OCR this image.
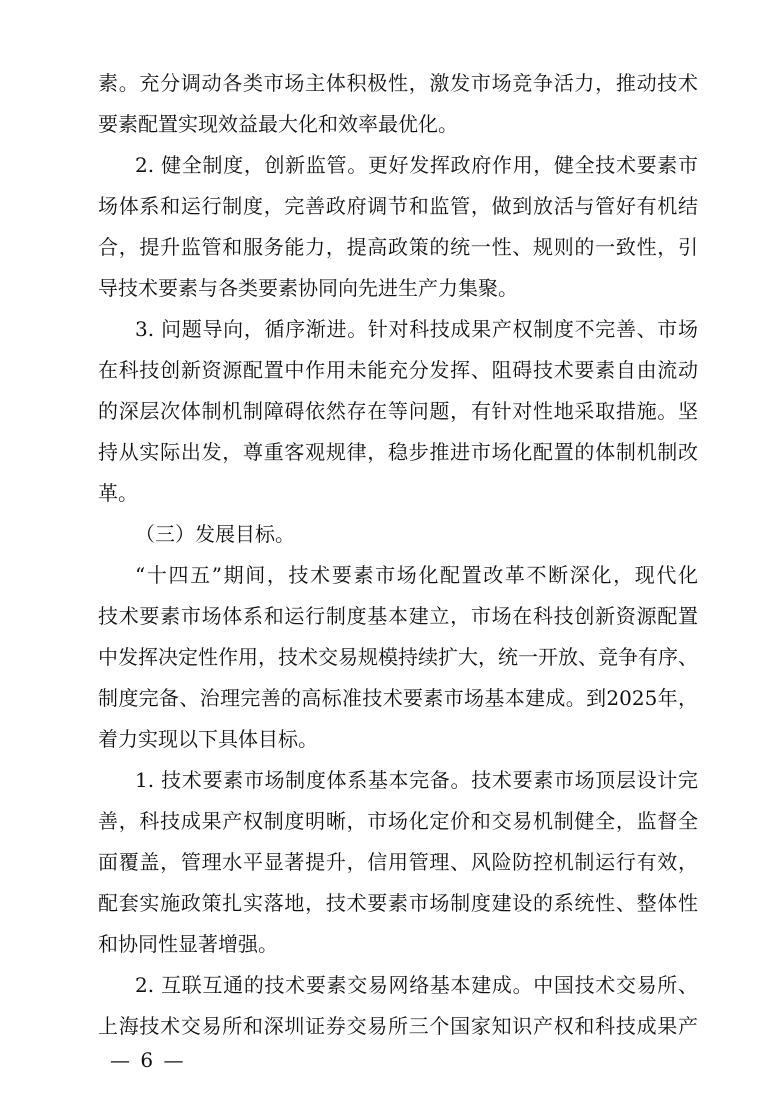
素。充分调动各类市场主体积极性，激发市场竞争活力，推动技术
要素配置实现效益最大化和效率最优化。
2. 健全制度，创新监管。更好发挥政府作用，健全技术要素市
场体系和运行制度，完善政府调节和监管，做到放活与管好有机结
合，提升监管和服务能力，提高政策的统一性、规则的一致性，引
导技术要素与各类要素协同向先进生产力集聚。
3. 问题导向，循序渐进。针对科技成果产权制度不完善、市场
在科技创新资源配置中作用未能充分发挥、阻碍技术要素自由流动
的深层次体制机制障碍依然存在等问题，有针对性地采取措施。坚
持从实际出发，尊重客观规律，稳步推进市场化配置的体制机制改
革。
（三）发展目标。
“十四五”期间，技术要素市场化配置改革不断深化，现代化
技术要素市场体系和运行制度基本建立，市场在科技创新资源配置
中发挥决定性作用，技术交易规模持续扩大，统一开放、竞争有序、
制度完备、治理完善的高标准技术要素市场基本建成。到2025年，
着力实现以下具体目标。
1. 技术要素市场制度体系基本完备。技术要素市场顶层设计完
善，科技成果产权制度明晰，市场化定价和交易机制健全，监督全
面覆盖，管理水平显著提升，信用管理、风险防控机制运行有效，
配套实施政策扎实落地，技术要素市场制度建设的系统性、整体性
和协同性显著增强。
2. 互联互通的技术要素交易网络基本建成。中国技术交易所、
上海技术交易所和深圳证券交易所三个国家知识产权和科技成果产
— 6 —
